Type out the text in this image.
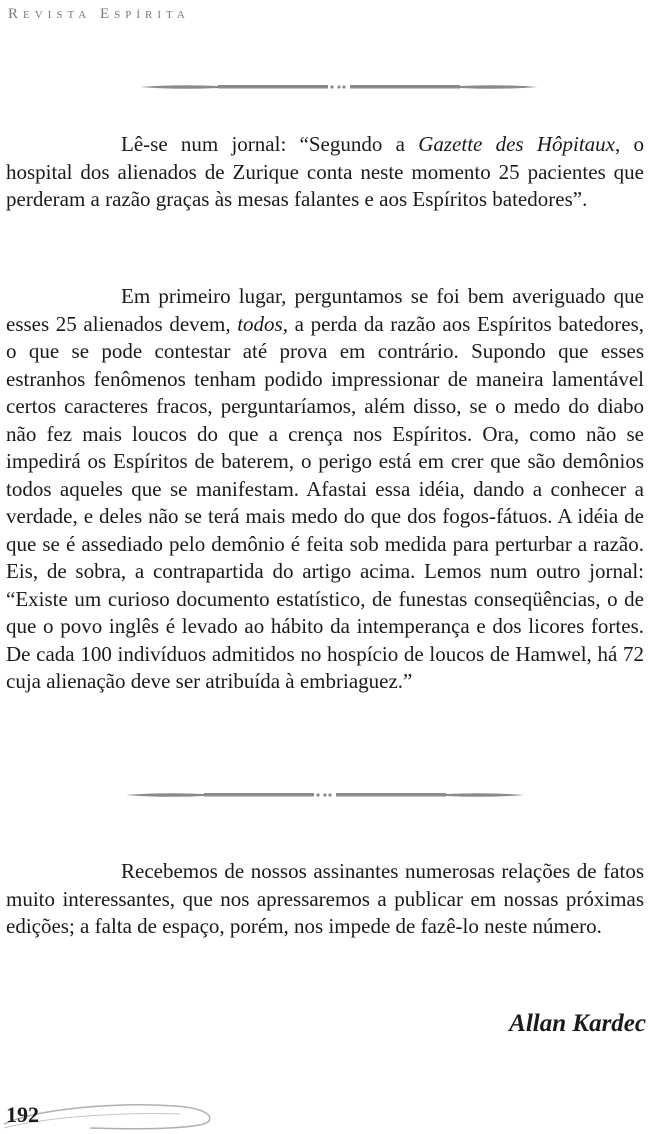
Revista Espírita

Lê-se num jornal: “Segundo a Gazette des Hôpitaux, o hospital dos alienados de Zurique conta neste momento 25 pacientes que perderam a razão graças às mesas falantes e aos Espíritos batedores”.

Em primeiro lugar, perguntamos se foi bem averiguado que esses 25 alienados devem, todos, a perda da razão aos Espíritos batedores, o que se pode contestar até prova em contrário. Supondo que esses estranhos fenômenos tenham podido impressionar de maneira lamentável certos caracteres fracos, perguntaríamos, além disso, se o medo do diabo não fez mais loucos do que a crença nos Espíritos. Ora, como não se impedirá os Espíritos de baterem, o perigo está em crer que são demônios todos aqueles que se manifestam. Afastai essa idéia, dando a conhecer a verdade, e deles não se terá mais medo do que dos fogos-fátuos. A idéia de que se é assediado pelo demônio é feita sob medida para perturbar a razão. Eis, de sobra, a contrapartida do artigo acima. Lemos num outro jornal: “Existe um curioso documento estatístico, de funestas conseqüências, o de que o povo inglês é levado ao hábito da intemperança e dos licores fortes. De cada 100 indivíduos admitidos no hospício de loucos de Hamwel, há 72 cuja alienação deve ser atribuída à embriaguez.”

Recebemos de nossos assinantes numerosas relações de fatos muito interessantes, que nos apressaremos a publicar em nossas próximas edições; a falta de espaço, porém, nos impede de fazê-lo neste número.

Allan Kardec
192
